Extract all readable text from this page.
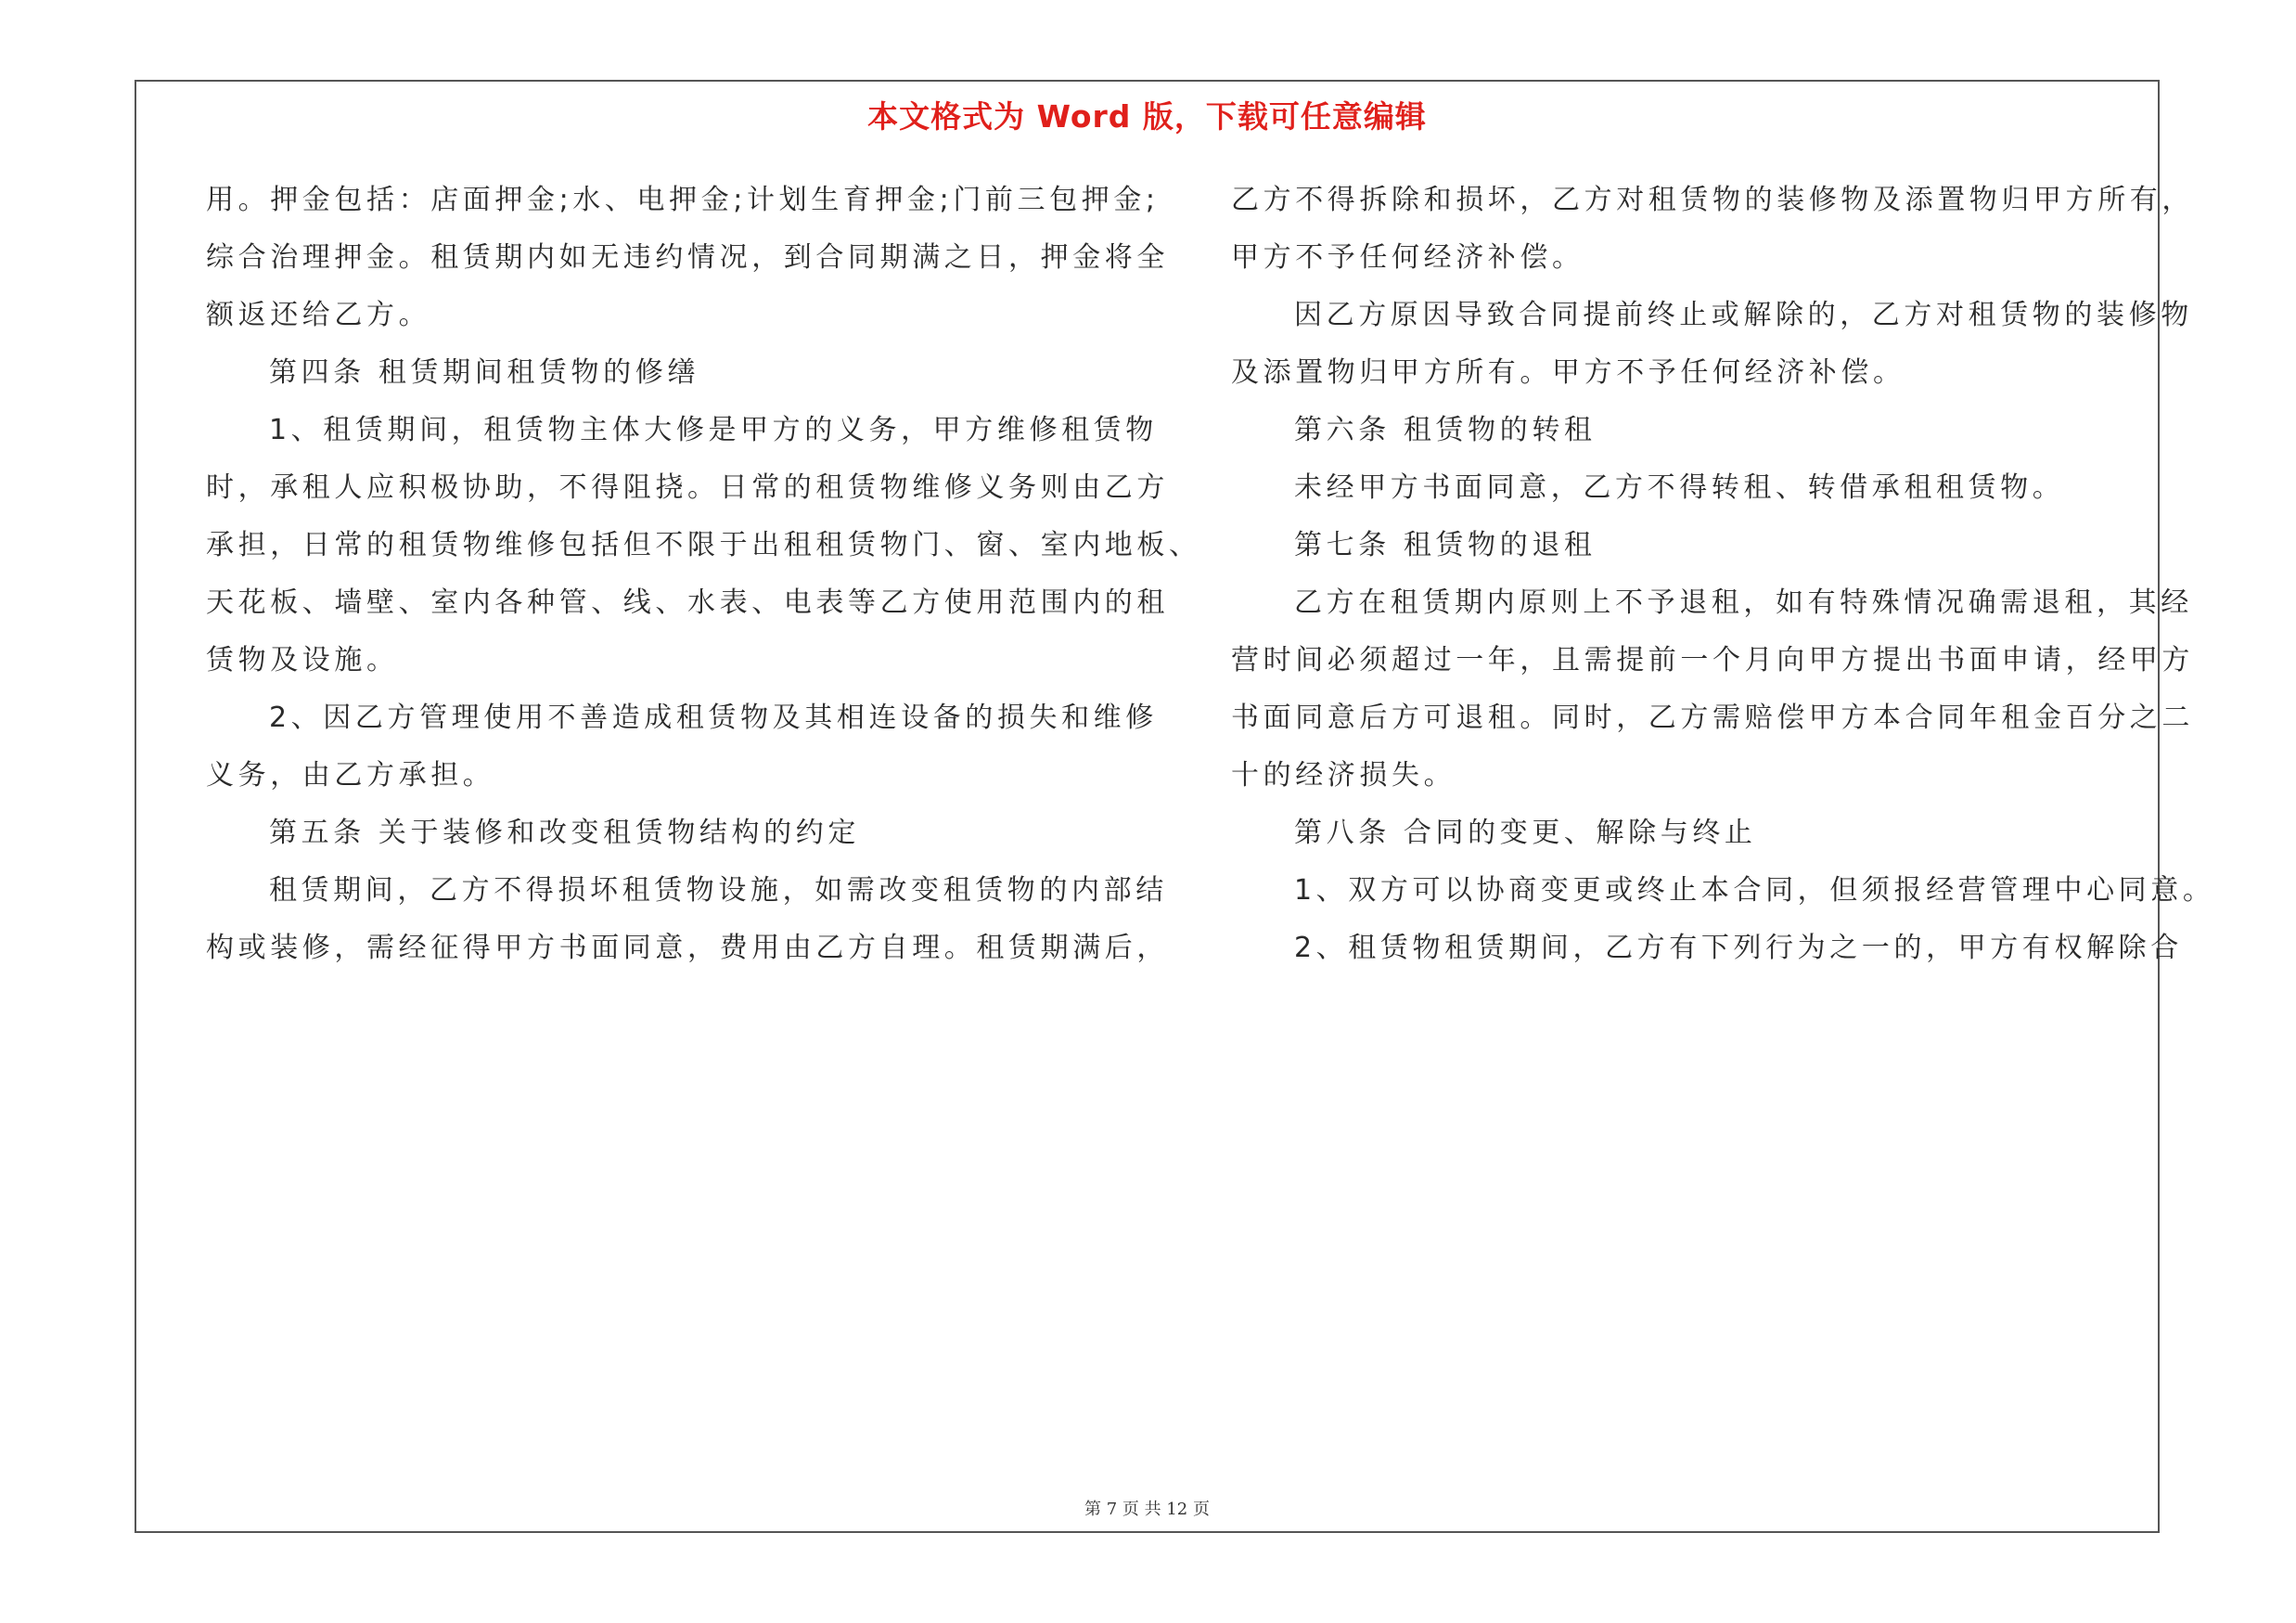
本文格式为 Word 版，下载可任意编辑
用。押金包括：店面押金;水、电押金;计划生育押金;门前三包押金;
综合治理押金。租赁期内如无违约情况，到合同期满之日，押金将全
额返还给乙方。
第四条 租赁期间租赁物的修缮
1、租赁期间，租赁物主体大修是甲方的义务，甲方维修租赁物
时，承租人应积极协助，不得阻挠。日常的租赁物维修义务则由乙方
承担，日常的租赁物维修包括但不限于出租租赁物门、窗、室内地板、
天花板、墙壁、室内各种管、线、水表、电表等乙方使用范围内的租
赁物及设施。
2、因乙方管理使用不善造成租赁物及其相连设备的损失和维修
义务，由乙方承担。
第五条 关于装修和改变租赁物结构的约定
租赁期间，乙方不得损坏租赁物设施，如需改变租赁物的内部结
构或装修，需经征得甲方书面同意，费用由乙方自理。租赁期满后，
乙方不得拆除和损坏，乙方对租赁物的装修物及添置物归甲方所有，
甲方不予任何经济补偿。
因乙方原因导致合同提前终止或解除的，乙方对租赁物的装修物
及添置物归甲方所有。甲方不予任何经济补偿。
第六条 租赁物的转租
未经甲方书面同意，乙方不得转租、转借承租租赁物。
第七条 租赁物的退租
乙方在租赁期内原则上不予退租，如有特殊情况确需退租，其经
营时间必须超过一年，且需提前一个月向甲方提出书面申请，经甲方
书面同意后方可退租。同时，乙方需赔偿甲方本合同年租金百分之二
十的经济损失。
第八条 合同的变更、解除与终止
1、双方可以协商变更或终止本合同，但须报经营管理中心同意。
2、租赁物租赁期间，乙方有下列行为之一的，甲方有权解除合
第 7 页 共 12 页
